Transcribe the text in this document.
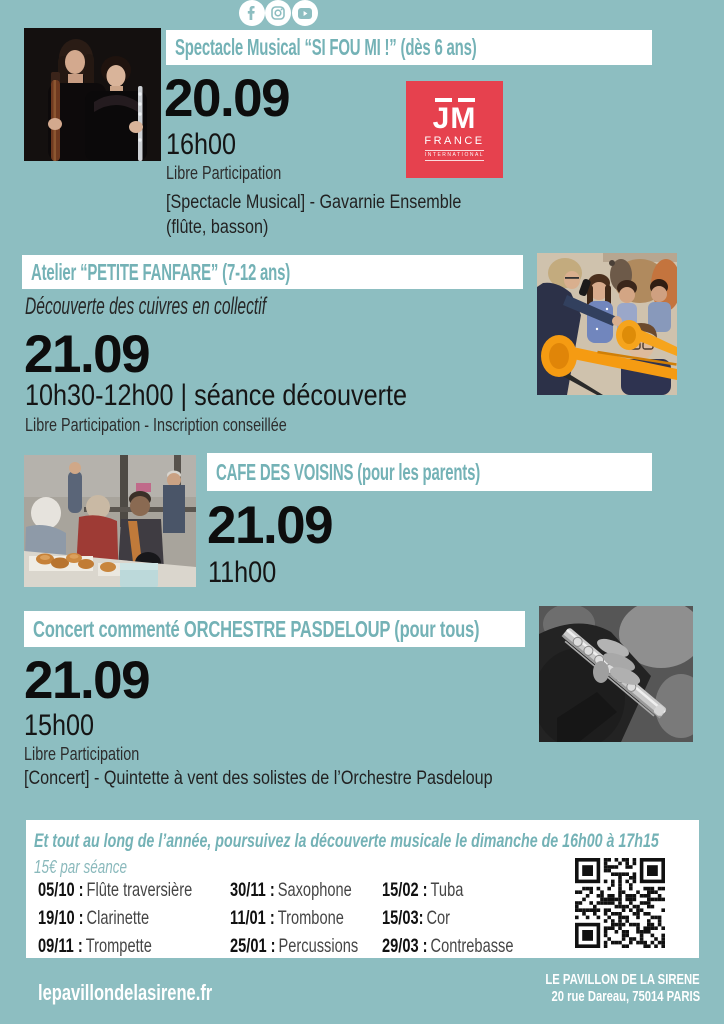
Spectacle Musical “SI FOU MI !” (dès 6 ans)
20.09
16h00
Libre Participation
[Spectacle Musical] - Gavarnie Ensemble
(flûte, basson)
JM
FRANCE
INTERNATIONAL
Atelier “PETITE FANFARE” (7-12 ans)
Découverte des cuivres en collectif
21.09
10h30-12h00 | séance découverte
Libre Participation - Inscription conseillée
CAFE DES VOISINS (pour les parents)
21.09
11h00
Concert commenté ORCHESTRE PASDELOUP (pour tous)
21.09
15h00
Libre Participation
[Concert] - Quintette à vent des solistes de l’Orchestre Pasdeloup
Et tout au long de l’année, poursuivez la découverte musicale le dimanche de 16h00 à 17h15
15€ par séance
05/10 : Flûte traversière	30/11 : Saxophone	15/02 : Tuba
19/10 : Clarinette	11/01 : Trombone	15/03: Cor
09/11 : Trompette	25/01 : Percussions	29/03 : Contrebasse
lepavillondelasirene.fr
LE PAVILLON DE LA SIRENE
20 rue Dareau, 75014 PARIS
